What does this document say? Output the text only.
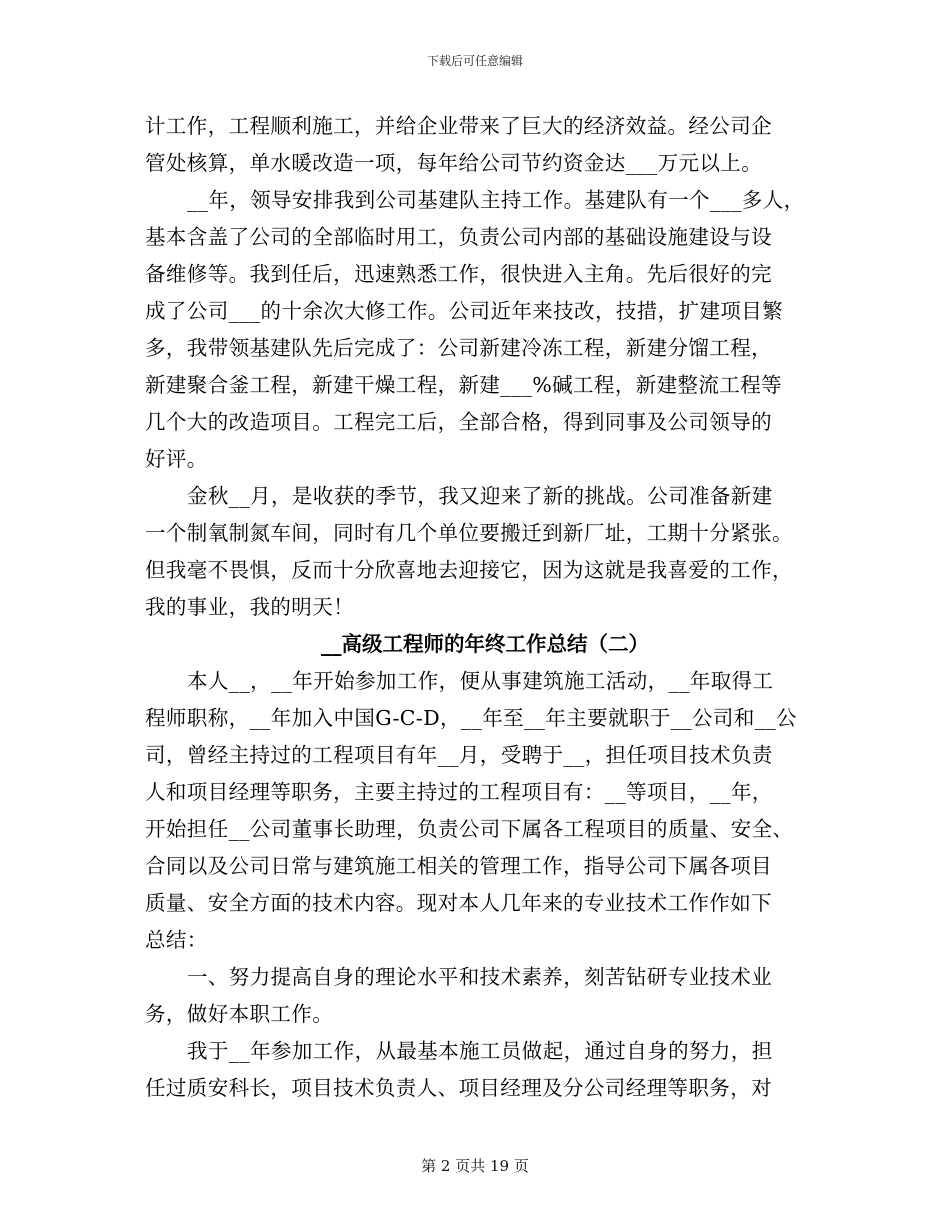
下载后可任意编辑
计工作，工程顺利施工，并给企业带来了巨大的经济效益。经公司企
管处核算，单水暖改造一项，每年给公司节约资金达___万元以上。
__年，领导安排我到公司基建队主持工作。基建队有一个___多人，
基本含盖了公司的全部临时用工，负责公司内部的基础设施建设与设
备维修等。我到任后，迅速熟悉工作，很快进入主角。先后很好的完
成了公司___的十余次大修工作。公司近年来技改，技措，扩建项目繁
多，我带领基建队先后完成了：公司新建冷冻工程，新建分馏工程，
新建聚合釜工程，新建干燥工程，新建___%碱工程，新建整流工程等
几个大的改造项目。工程完工后，全部合格，得到同事及公司领导的
好评。
金秋__月，是收获的季节，我又迎来了新的挑战。公司准备新建
一个制氧制氮车间，同时有几个单位要搬迁到新厂址，工期十分紧张。
但我毫不畏惧，反而十分欣喜地去迎接它，因为这就是我喜爱的工作，
我的事业，我的明天！
__高级工程师的年终工作总结（二）
本人__，__年开始参加工作，便从事建筑施工活动，__年取得工
程师职称，__年加入中国G-C-D，__年至__年主要就职于__公司和__公
司，曾经主持过的工程项目有年__月，受聘于__，担任项目技术负责
人和项目经理等职务，主要主持过的工程项目有：__等项目，__年，
开始担任__公司董事长助理，负责公司下属各工程项目的质量、安全、
合同以及公司日常与建筑施工相关的管理工作，指导公司下属各项目
质量、安全方面的技术内容。现对本人几年来的专业技术工作作如下
总结：
一、努力提高自身的理论水平和技术素养，刻苦钻研专业技术业
务，做好本职工作。
我于__年参加工作，从最基本施工员做起，通过自身的努力，担
任过质安科长，项目技术负责人、项目经理及分公司经理等职务，对
第 2 页共 19 页
